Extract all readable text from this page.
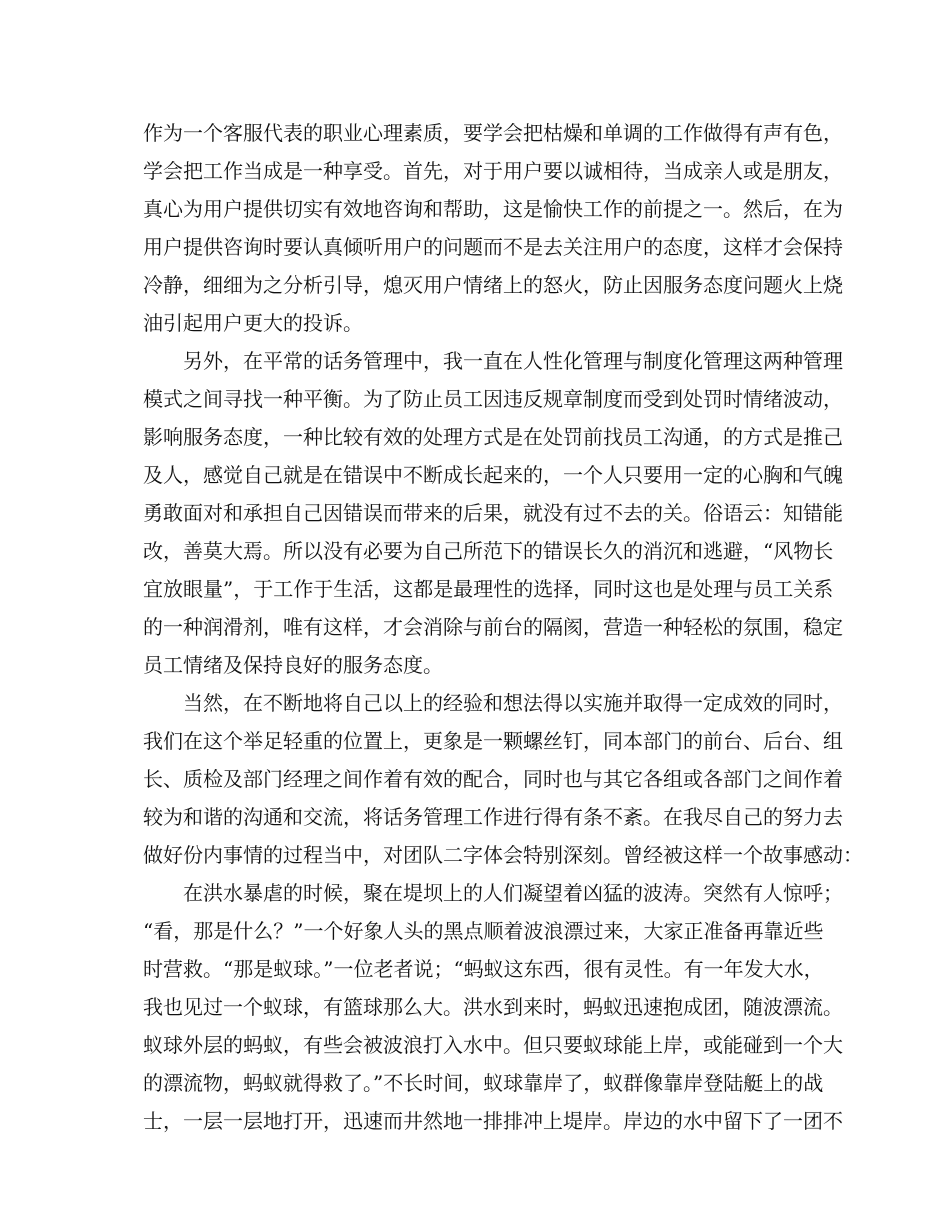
作为一个客服代表的职业心理素质，要学会把枯燥和单调的工作做得有声有色，
学会把工作当成是一种享受。首先，对于用户要以诚相待，当成亲人或是朋友，
真心为用户提供切实有效地咨询和帮助，这是愉快工作的前提之一。然后，在为
用户提供咨询时要认真倾听用户的问题而不是去关注用户的态度，这样才会保持
冷静，细细为之分析引导，熄灭用户情绪上的怒火，防止因服务态度问题火上烧
油引起用户更大的投诉。
另外，在平常的话务管理中，我一直在人性化管理与制度化管理这两种管理
模式之间寻找一种平衡。为了防止员工因违反规章制度而受到处罚时情绪波动，
影响服务态度，一种比较有效的处理方式是在处罚前找员工沟通，的方式是推己
及人，感觉自己就是在错误中不断成长起来的，一个人只要用一定的心胸和气魄
勇敢面对和承担自己因错误而带来的后果，就没有过不去的关。俗语云：知错能
改，善莫大焉。所以没有必要为自己所范下的错误长久的消沉和逃避，“风物长
宜放眼量”，于工作于生活，这都是最理性的选择，同时这也是处理与员工关系
的一种润滑剂，唯有这样，才会消除与前台的隔阂，营造一种轻松的氛围，稳定
员工情绪及保持良好的服务态度。
当然，在不断地将自己以上的经验和想法得以实施并取得一定成效的同时，
我们在这个举足轻重的位置上，更象是一颗螺丝钉，同本部门的前台、后台、组
长、质检及部门经理之间作着有效的配合，同时也与其它各组或各部门之间作着
较为和谐的沟通和交流，将话务管理工作进行得有条不紊。在我尽自己的努力去
做好份内事情的过程当中，对团队二字体会特别深刻。曾经被这样一个故事感动：
在洪水暴虐的时候，聚在堤坝上的人们凝望着凶猛的波涛。突然有人惊呼；
“看，那是什么？”一个好象人头的黑点顺着波浪漂过来，大家正准备再靠近些
时营救。“那是蚁球。”一位老者说；“蚂蚁这东西，很有灵性。有一年发大水，
我也见过一个蚁球，有篮球那么大。洪水到来时，蚂蚁迅速抱成团，随波漂流。
蚁球外层的蚂蚁，有些会被波浪打入水中。但只要蚁球能上岸，或能碰到一个大
的漂流物，蚂蚁就得救了。”不长时间，蚁球靠岸了，蚁群像靠岸登陆艇上的战
士，一层一层地打开，迅速而井然地一排排冲上堤岸。岸边的水中留下了一团不
